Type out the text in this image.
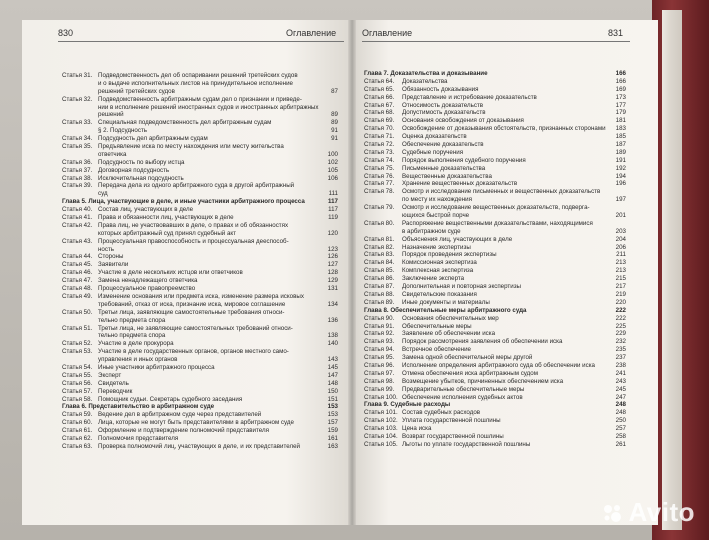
830	Оглавление	Оглавление	831
Статья 31. Подведомственность дел об оспаривании решений третейских судов
и о выдаче исполнительных листов на принудительное исполнение
решений третейских судов	87
Статья 32. Подведомственность арбитражным судам дел о признании и приведе-
нии в исполнение решений иностранных судов и иностранных арбитражных
решений	89
Статья 33. Специальная подведомственность дел арбитражным судам	89
§ 2. Подсудность	91
Статья 34. Подсудность дел арбитражным судам	91
Статья 35. Предъявление иска по месту нахождения или месту жительства
ответчика	100
Статья 36. Подсудность по выбору истца	102
Статья 37. Договорная подсудность	105
Статья 38. Исключительная подсудность	106
Статья 39. Передача дела из одного арбитражного суда в другой арбитражный
суд	111
Глава 5. Лица, участвующие в деле, и иные участники арбитражного процесса	117
Статья 40. Состав лиц, участвующих в деле	117
Статья 41. Права и обязанности лиц, участвующих в деле	119
Статья 42. Права лиц, не участвовавших в деле, о правах и об обязанностях
которых арбитражный суд принял судебный акт	120
Статья 43. Процессуальная правоспособность и процессуальная дееспособ-
ность	123
Статья 44. Стороны	126
Статья 45. Заявители	127
Статья 46. Участие в деле нескольких истцов или ответчиков	128
Статья 47. Замена ненадлежащего ответчика	129
Статья 48. Процессуальное правопреемство	131
Статья 49. Изменение основания или предмета иска, изменение размера исковых
требований, отказ от иска, признание иска, мировое соглашение	134
Статья 50. Третьи лица, заявляющие самостоятельные требования относи-
тельно предмета спора	136
Статья 51. Третьи лица, не заявляющие самостоятельных требований относи-
тельно предмета спора	138
Статья 52. Участие в деле прокурора	140
Статья 53. Участие в деле государственных органов, органов местного само-
управления и иных органов	143
Статья 54. Иные участники арбитражного процесса	145
Статья 55. Эксперт	147
Статья 56. Свидетель	148
Статья 57. Переводчик	150
Статья 58. Помощник судьи. Секретарь судебного заседания	151
Глава 6. Представительство в арбитражном суде	153
Статья 59. Ведение дел в арбитражном суде через представителей	153
Статья 60. Лица, которые не могут быть представителями в арбитражном суде	157
Статья 61. Оформление и подтверждение полномочий представителя	159
Статья 62. Полномочия представителя	161
Статья 63. Проверка полномочий лиц, участвующих в деле, и их представителей	163
Глава 7. Доказательства и доказывание	166
Статья 64. Доказательства	166
Статья 65. Обязанность доказывания	169
Статья 66. Представление и истребование доказательств	173
Статья 67. Относимость доказательств	177
Статья 68. Допустимость доказательств	179
Статья 69. Основания освобождения от доказывания	181
Статья 70. Освобождение от доказывания обстоятельств, признанных сторонами	183
Статья 71. Оценка доказательств	185
Статья 72. Обеспечение доказательств	187
Статья 73. Судебные поручения	189
Статья 74. Порядок выполнения судебного поручения	191
Статья 75. Письменные доказательства	192
Статья 76. Вещественные доказательства	194
Статья 77. Хранение вещественных доказательств	196
Статья 78. Осмотр и исследование письменных и вещественных доказательств
по месту их нахождения	197
Статья 79. Осмотр и исследование вещественных доказательств, подверга-
ющихся быстрой порче	201
Статья 80. Распоряжение вещественными доказательствами, находящимися
в арбитражном суде	203
Статья 81. Объяснения лиц, участвующих в деле	204
Статья 82. Назначение экспертизы	206
Статья 83. Порядок проведения экспертизы	211
Статья 84. Комиссионная экспертиза	213
Статья 85. Комплексная экспертиза	213
Статья 86. Заключение эксперта	215
Статья 87. Дополнительная и повторная экспертизы	217
Статья 88. Свидетельские показания	219
Статья 89. Иные документы и материалы	220
Глава 8. Обеспечительные меры арбитражного суда	222
Статья 90. Основания обеспечительных мер	222
Статья 91. Обеспечительные меры	225
Статья 92. Заявление об обеспечении иска	229
Статья 93. Порядок рассмотрения заявления об обеспечении иска	232
Статья 94. Встречное обеспечение	235
Статья 95. Замена одной обеспечительной меры другой	237
Статья 96. Исполнение определения арбитражного суда об обеспечении иска	238
Статья 97. Отмена обеспечения иска арбитражным судом	241
Статья 98. Возмещение убытков, причиненных обеспечением иска	243
Статья 99. Предварительные обеспечительные меры	245
Статья 100. Обеспечение исполнения судебных актов	247
Глава 9. Судебные расходы	248
Статья 101. Состав судебных расходов	248
Статья 102. Уплата государственной пошлины	250
Статья 103. Цена иска	257
Статья 104. Возврат государственной пошлины	258
Статья 105. Льготы по уплате государственной пошлины	261
Avito
